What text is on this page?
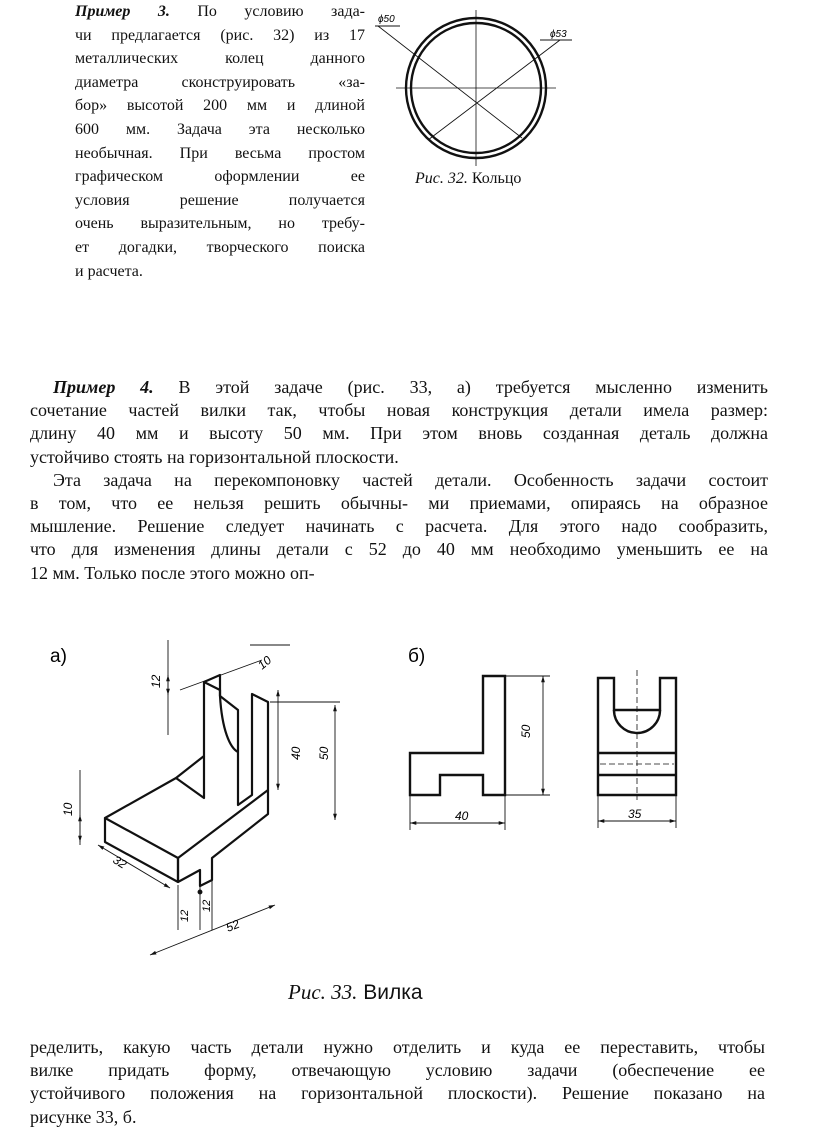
Пример 3. По условию зада-
чи предлагается (рис. 32) из 17
металлических колец данного
диаметра сконструировать «за-
бор» высотой 200 мм и длиной
600 мм. Задача эта несколько
необычная. При весьма простом
графическом оформлении ее
условия решение получается
очень выразительным, но требу-
ет догадки, творческого поиска
и расчета.
ϕ50
ϕ53
Рис. 32. Кольцо
Пример 4. В этой задаче (рис. 33, а) требуется мысленно изменить
сочетание частей вилки так, чтобы новая конструкция детали имела размер:
длину 40 мм и высоту 50 мм. При этом вновь созданная деталь должна
устойчиво стоять на горизонтальной плоскости.
Эта задача на перекомпоновку частей детали. Особенность задачи состоит
в том, что ее нельзя решить обычны- ми приемами, опираясь на образное
мышление. Решение следует начинать с расчета. Для этого надо сообразить,
что для изменения длины детали с 52 до 40 мм необходимо уменьшить ее на
12 мм. Только после этого можно оп-
а)	б)
12
10
40 50
10
32
12
12
52
50
40	35
Рис. 33. Вилка
ределить, какую часть детали нужно отделить и куда ее переставить, чтобы
вилке придать форму, отвечающую условию задачи (обеспечение ее
устойчивого положения на горизонтальной плоскости). Решение показано на
рисунке 33, б.
